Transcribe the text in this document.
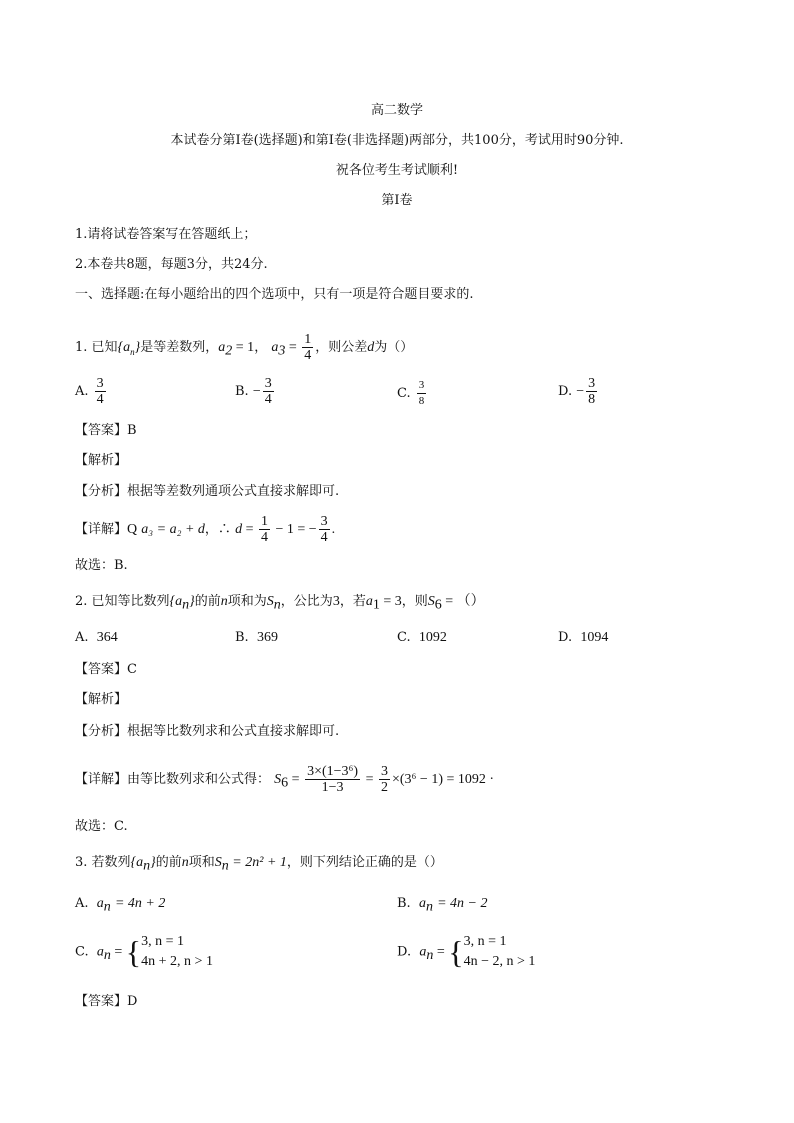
高二数学
本试卷分第Ⅰ卷(选择题)和第Ⅰ卷(非选择题)两部分，共100分，考试用时90分钟.
祝各位考生考试顺利!
第Ⅰ卷
1.请将试卷答案写在答题纸上；
2.本卷共8题，每题3分，共24分.
一、选择题:在每小题给出的四个选项中，只有一项是符合题目要求的.
1. 已知$\{a_n\}$是等差数列，$a_2 = 1$， $a_3 = \frac{1}{4}$ ，则公差d为（）
A. $\frac{3}{4}$	B. − $\frac{3}{4}$	C. $\frac{3}{8}$	D. − $\frac{3}{8}$
【答案】B
【解析】
【分析】根据等差数列通项公式直接求解即可.
【详解】Q a₃ = a₂ + d，∴ $d = \frac{1}{4} - 1$ = − $\frac{3}{4}$ .
故选：B.
2. 已知等比数列$\{a_n\}$的前n项和为$S_n$，公比为3，若$a_1 = 3$，则$S_6$ = （）
A. 364	B. 369	C. 1092	D. 1094
【答案】C
【解析】
【分析】根据等比数列求和公式直接求解即可.
【详解】由等比数列求和公式得： $S_6 = \frac{\text{3×(1−3⁶)}}{1-3} = \frac{3}{2} \times(3^6 - 1) = 1092$ ·
故选：C.
3. 若数列$\{a_n\}$的前n项和$S_n = 2n^2 + 1$，则下列结论正确的是（）
A. $a_n = 4n + 2$	B. $a_n = 4n - 2$
C. $a_n$ = { 3, n = 1
4n + 2, n > 1
D. $a_n$ = { 3, n = 1
4n − 2, n > 1
【答案】D
